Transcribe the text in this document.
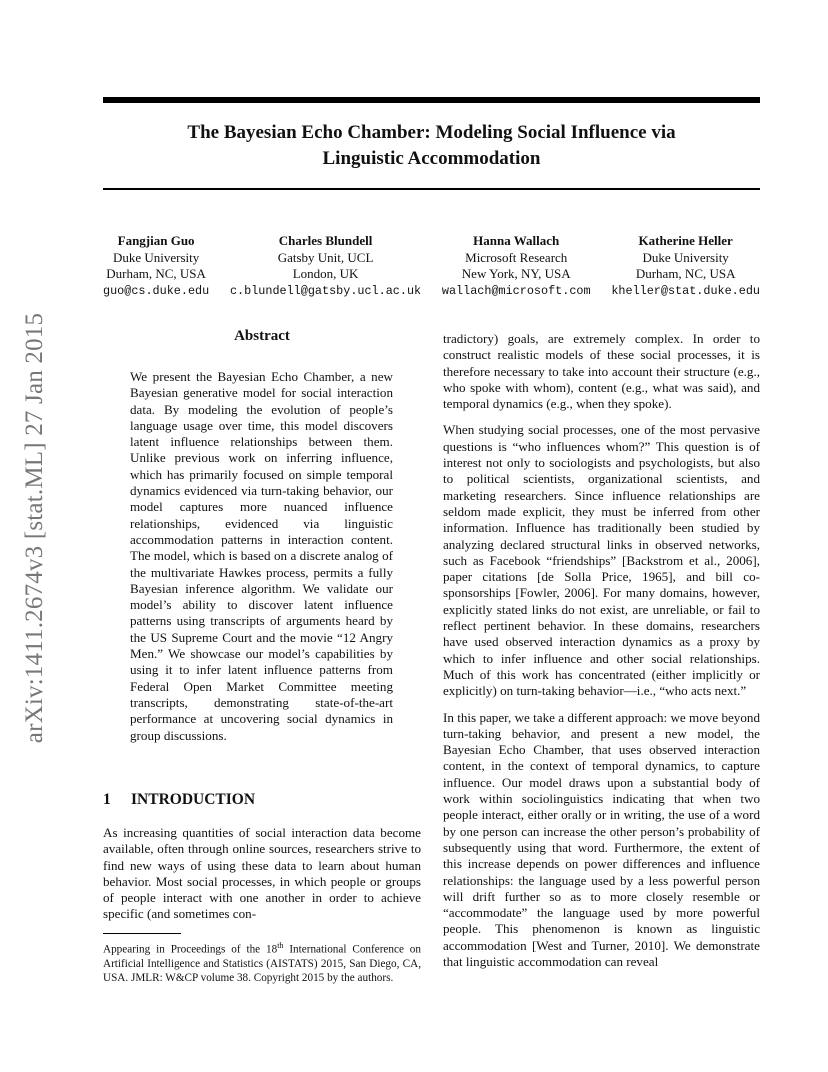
The Bayesian Echo Chamber: Modeling Social Influence via
Linguistic Accommodation
Fangjian Guo
Duke University
Durham, NC, USA
guo@cs.duke.edu
Charles Blundell
Gatsby Unit, UCL
London, UK
c.blundell@gatsby.ucl.ac.uk
Hanna Wallach
Microsoft Research
New York, NY, USA
wallach@microsoft.com
Katherine Heller
Duke University
Durham, NC, USA
kheller@stat.duke.edu
arXiv:1411.2674v3 [stat.ML] 27 Jan 2015	Abstract
We present the Bayesian Echo Chamber, a new Bayesian generative model for social interaction data. By modeling the evolution of people’s language usage over time, this model discovers latent influence relationships between them. Unlike previous work on inferring influence, which has primarily focused on simple temporal dynamics evidenced via turn-taking behavior, our model captures more nuanced influence relationships, evidenced via linguistic accommodation patterns in interaction content. The model, which is based on a discrete analog of the multivariate Hawkes process, permits a fully Bayesian inference algorithm. We validate our model’s ability to discover latent influence patterns using transcripts of arguments heard by the US Supreme Court and the movie “12 Angry Men.” We showcase our model’s capabilities by using it to infer latent influence patterns from Federal Open Market Committee meeting transcripts, demonstrating state-of-the-art performance at uncovering social dynamics in group discussions.
1 INTRODUCTION
As increasing quantities of social interaction data become available, often through online sources, researchers strive to find new ways of using these data to learn about human behavior. Most social processes, in which people or groups of people interact with one another in order to achieve specific (and sometimes con-
Appearing in Proceedings of the 18th International Conference on Artificial Intelligence and Statistics (AISTATS) 2015, San Diego, CA, USA. JMLR: W&CP volume 38. Copyright 2015 by the authors.

tradictory) goals, are extremely complex. In order to construct realistic models of these social processes, it is therefore necessary to take into account their structure (e.g., who spoke with whom), content (e.g., what was said), and temporal dynamics (e.g., when they spoke).

When studying social processes, one of the most pervasive questions is “who influences whom?” This question is of interest not only to sociologists and psychologists, but also to political scientists, organizational scientists, and marketing researchers. Since influence relationships are seldom made explicit, they must be inferred from other information. Influence has traditionally been studied by analyzing declared structural links in observed networks, such as Facebook “friendships” [Backstrom et al., 2006], paper citations [de Solla Price, 1965], and bill co-sponsorships [Fowler, 2006]. For many domains, however, explicitly stated links do not exist, are unreliable, or fail to reflect pertinent behavior. In these domains, researchers have used observed interaction dynamics as a proxy by which to infer influence and other social relationships. Much of this work has concentrated (either implicitly or explicitly) on turn-taking behavior—i.e., “who acts next.”

In this paper, we take a different approach: we move beyond turn-taking behavior, and present a new model, the Bayesian Echo Chamber, that uses observed interaction content, in the context of temporal dynamics, to capture influence. Our model draws upon a substantial body of work within sociolinguistics indicating that when two people interact, either orally or in writing, the use of a word by one person can increase the other person’s probability of subsequently using that word. Furthermore, the extent of this increase depends on power differences and influence relationships: the language used by a less powerful person will drift further so as to more closely resemble or “accommodate” the language used by more powerful people. This phenomenon is known as linguistic accommodation [West and Turner, 2010]. We demonstrate that linguistic accommodation can reveal
